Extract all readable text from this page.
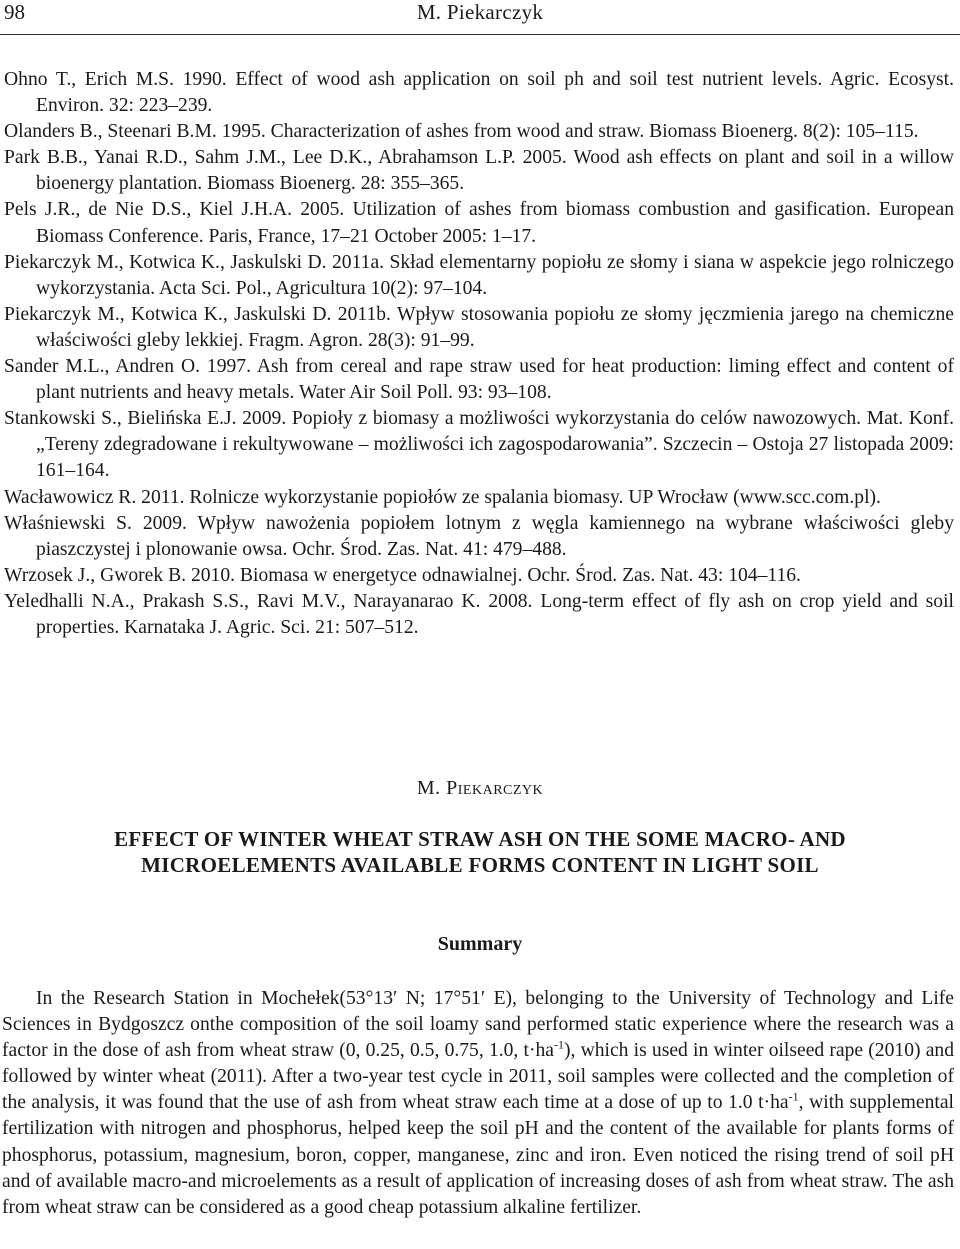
98	M. Piekarczyk
Ohno T., Erich M.S. 1990. Effect of wood ash application on soil ph and soil test nutrient levels. Agric. Ecosyst. Environ. 32: 223–239.
Olanders B., Steenari B.M. 1995. Characterization of ashes from wood and straw. Biomass Bioenerg. 8(2): 105–115.
Park B.B., Yanai R.D., Sahm J.M., Lee D.K., Abrahamson L.P. 2005. Wood ash effects on plant and soil in a willow bioenergy plantation. Biomass Bioenerg. 28: 355–365.
Pels J.R., de Nie D.S., Kiel J.H.A. 2005. Utilization of ashes from biomass combustion and gasification. European Biomass Conference. Paris, France, 17–21 October 2005: 1–17.
Piekarczyk M., Kotwica K., Jaskulski D. 2011a. Skład elementarny popiołu ze słomy i siana w aspekcie jego rolniczego wykorzystania. Acta Sci. Pol., Agricultura 10(2): 97–104.
Piekarczyk M., Kotwica K., Jaskulski D. 2011b. Wpływ stosowania popiołu ze słomy jęczmienia jarego na chemiczne właściwości gleby lekkiej. Fragm. Agron. 28(3): 91–99.
Sander M.L., Andren O. 1997. Ash from cereal and rape straw used for heat production: liming effect and content of plant nutrients and heavy metals. Water Air Soil Poll. 93: 93–108.
Stankowski S., Bielińska E.J. 2009. Popioły z biomasy a możliwości wykorzystania do celów nawozowych. Mat. Konf. „Tereny zdegradowane i rekultywowane – możliwości ich zagospodarowania”. Szczecin – Ostoja 27 listopada 2009: 161–164.
Wacławowicz R. 2011. Rolnicze wykorzystanie popiołów ze spalania biomasy. UP Wrocław (www.scc.com.pl).
Właśniewski S. 2009. Wpływ nawożenia popiołem lotnym z węgla kamiennego na wybrane właściwości gleby piaszczystej i plonowanie owsa. Ochr. Środ. Zas. Nat. 41: 479–488.
Wrzosek J., Gworek B. 2010. Biomasa w energetyce odnawialnej. Ochr. Środ. Zas. Nat. 43: 104–116.
Yeledhalli N.A., Prakash S.S., Ravi M.V., Narayanarao K. 2008. Long-term effect of fly ash on crop yield and soil properties. Karnataka J. Agric. Sci. 21: 507–512.
M. Piekarczyk
EFFECT OF WINTER WHEAT STRAW ASH ON THE SOME MACRO- AND
MICROELEMENTS AVAILABLE FORMS CONTENT IN LIGHT SOIL
Summary
In the Research Station in Mochełek(53°13′ N; 17°51′ E), belonging to the University of Technology and Life Sciences in Bydgoszcz onthe composition of the soil loamy sand performed static experience where the research was a factor in the dose of ash from wheat straw (0, 0.25, 0.5, 0.75, 1.0, $t\cdot ha^{-1}$), which is used in winter oilseed rape (2010) and followed by winter wheat (2011). After a two-year test cycle in 2011, soil samples were collected and the completion of the analysis, it was found that the use of ash from wheat straw each time at a dose of up to 1.0 $t\cdot ha^{-1}$, with supplemental fertilization with nitrogen and phosphorus, helped keep the soil pH and the content of the available for plants forms of phosphorus, potassium, magnesium, boron, copper, manganese, zinc and iron. Even noticed the rising trend of soil pH and of available macro-and microelements as a result of application of increasing doses of ash from wheat straw. The ash from wheat straw can be considered as a good cheap potassium alkaline fertilizer.
